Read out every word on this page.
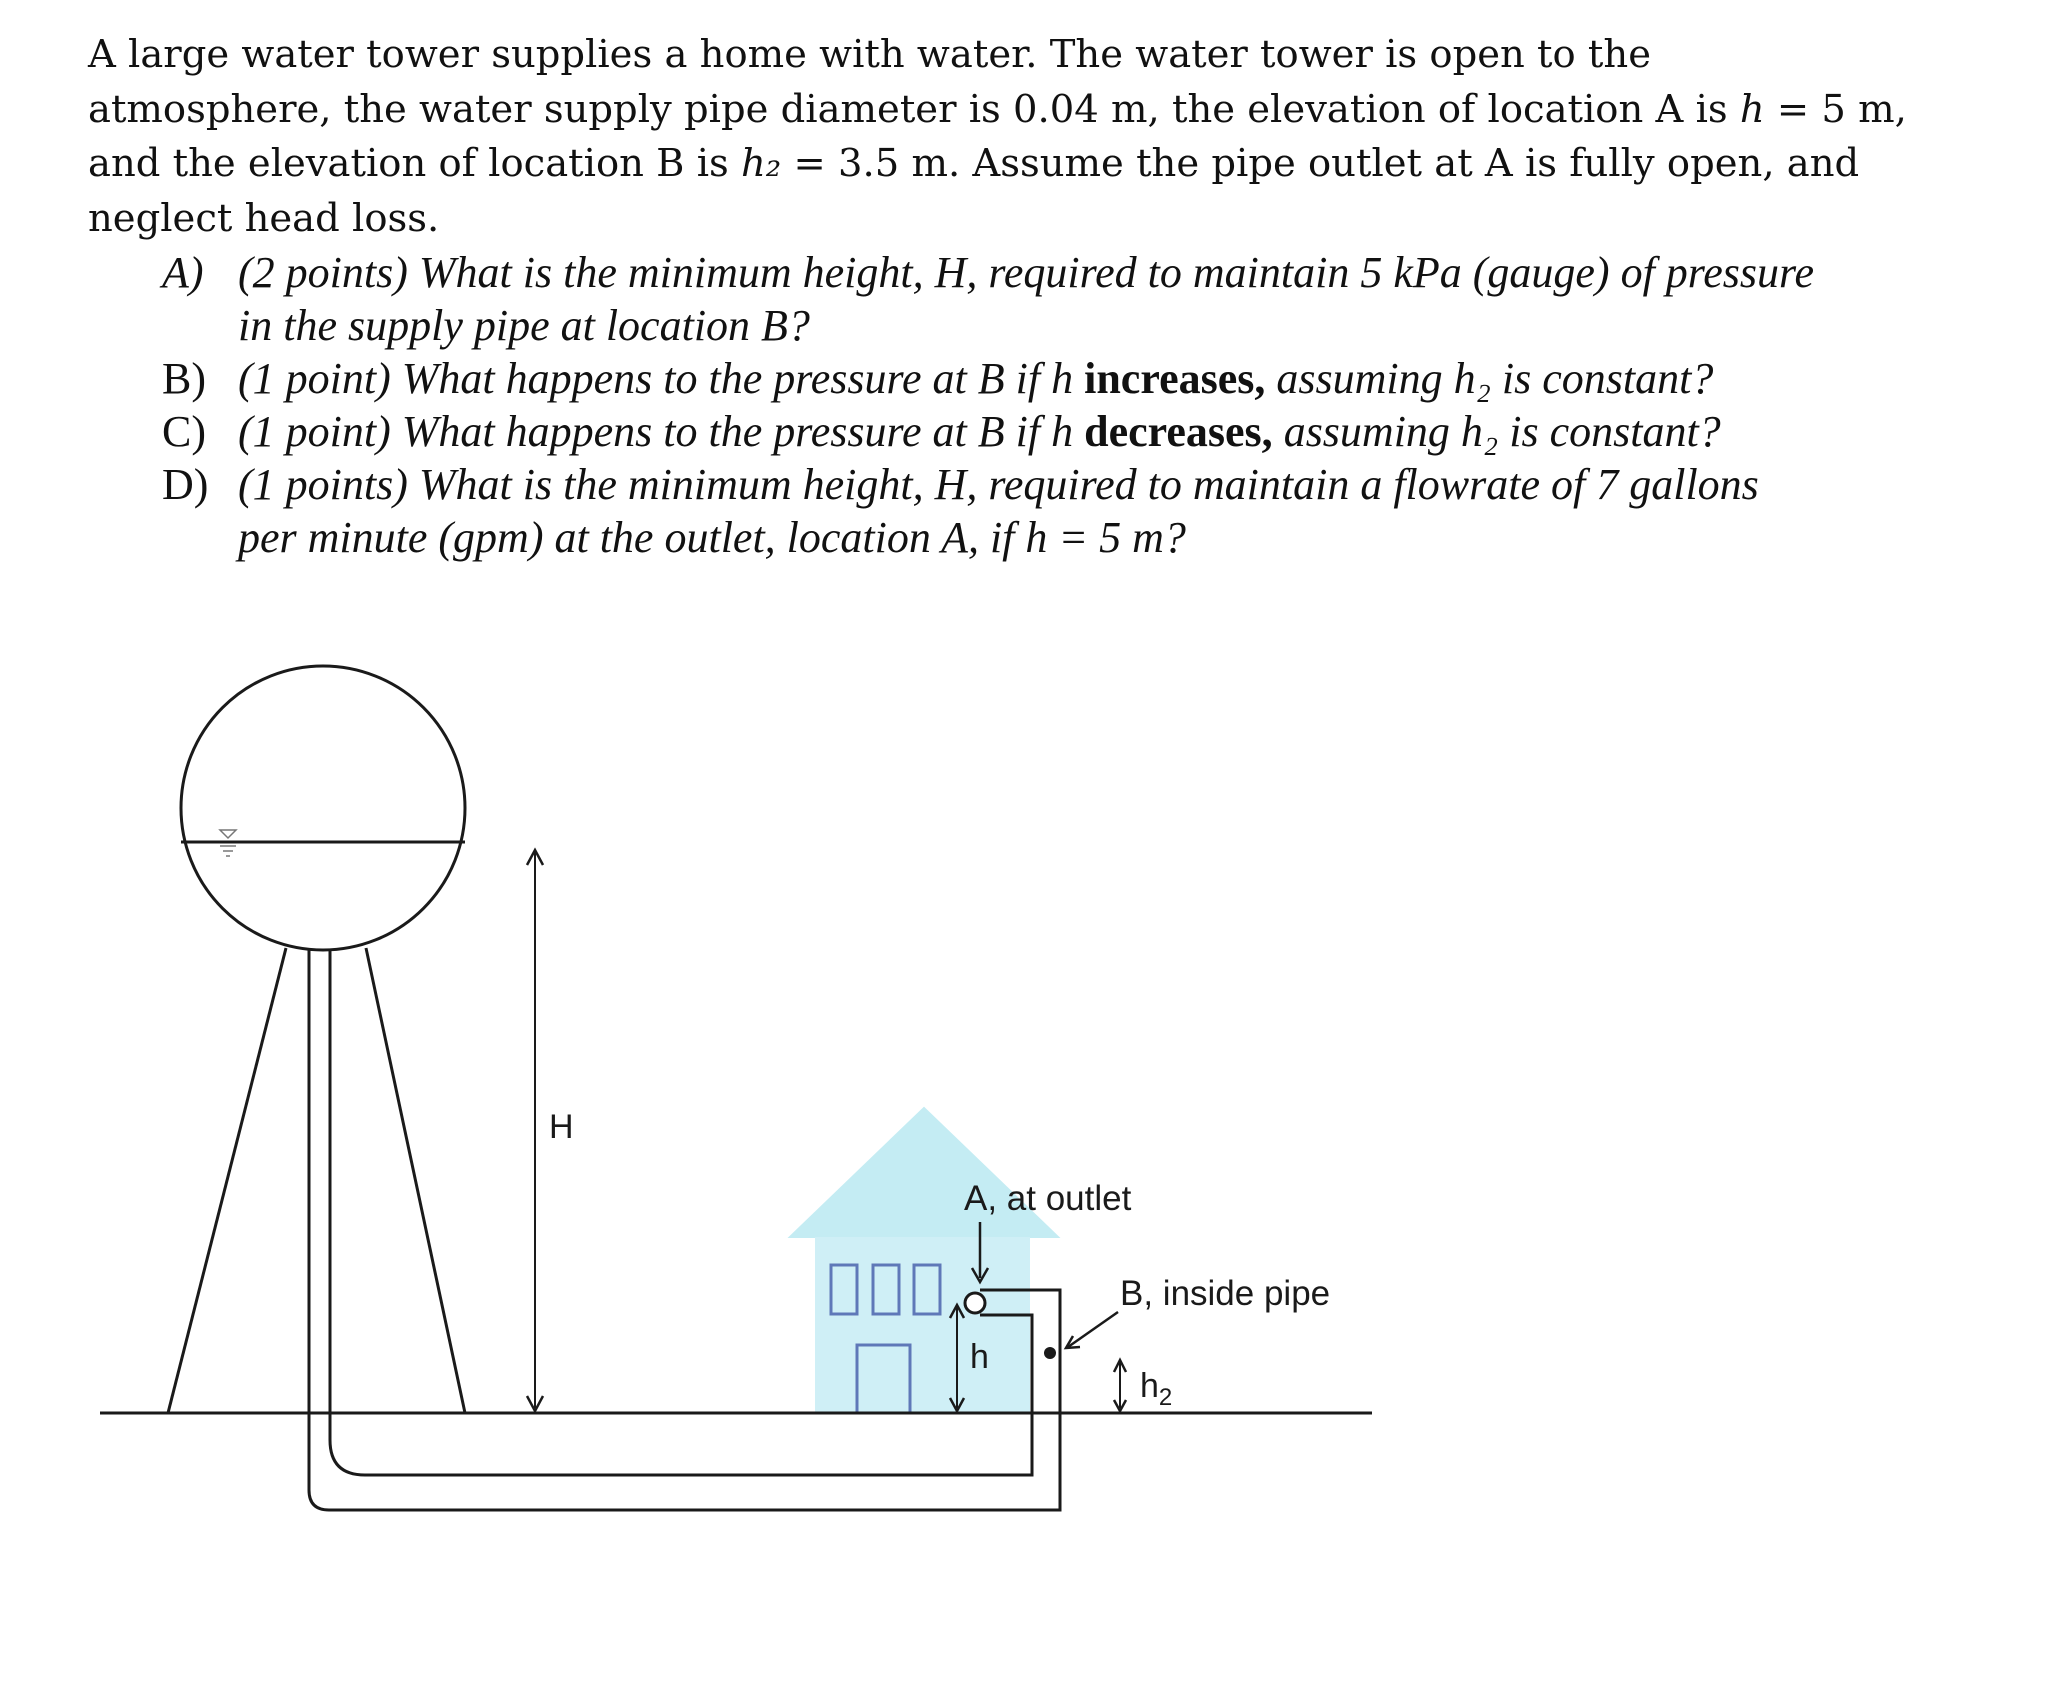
A large water tower supplies a home with water. The water tower is open to the

atmosphere, the water supply pipe diameter is 0.04 m, the elevation of location A is h = 5 m,

and the elevation of location B is h₂ = 3.5 m. Assume the pipe outlet at A is fully open, and

neglect head loss.

A) (2 points) What is the minimum height, H, required to maintain 5 kPa (gauge) of pressure
in the supply pipe at location B?
B) (1 point) What happens to the pressure at B if h increases, assuming h₂ is constant?
C) (1 point) What happens to the pressure at B if h decreases, assuming h₂ is constant?
D) (1 points) What is the minimum height, H, required to maintain a flowrate of 7 gallons
per minute (gpm) at the outlet, location A, if h = 5 m?
H
h
$h_2$
A, at outlet
B, inside pipe
